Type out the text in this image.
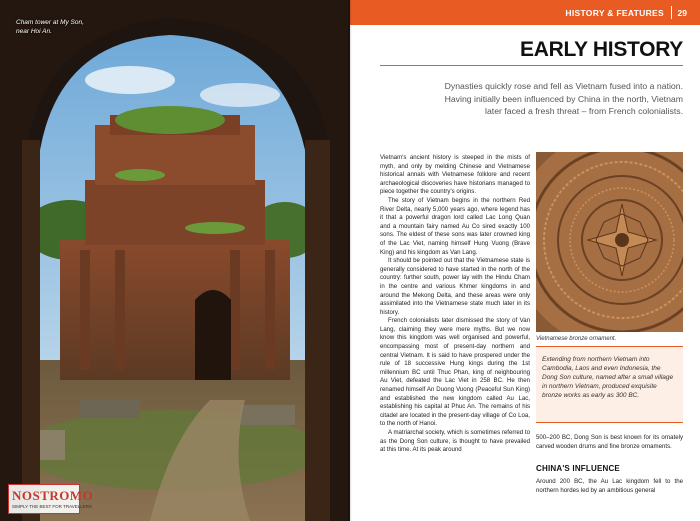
Cham tower at My Son, near Hoi An.
NOSTROMO
SIMPLY THE BEST FOR TRAVELLERS
HISTORY & FEATURES 29
EARLY HISTORY
Dynasties quickly rose and fell as Vietnam fused into a nation. Having initially been influenced by China in the north, Vietnam later faced a fresh threat – from French colonialists.

Vietnam's ancient history is steeped in the mists of myth, and only by melding Chinese and Vietnamese historical annals with Vietnamese folklore and recent archaeological discoveries have historians managed to piece together the country's origins.

The story of Vietnam begins in the northern Red River Delta, nearly 5,000 years ago, where legend has it that a powerful dragon lord called Lac Long Quan and a mountain fairy named Au Co sired exactly 100 sons. The eldest of these sons was later crowned king of the Lac Viet, naming himself Hung Vuong (Brave King) and his kingdom as Van Lang.

It should be pointed out that the Vietnamese state is generally considered to have started in the north of the country: further south, power lay with the Hindu Cham in the centre and various Khmer kingdoms in and around the Mekong Delta, and these areas were only assimilated into the Vietnamese state much later in its history.

French colonialists later dismissed the story of Van Lang, claiming they were mere myths. But we now know this kingdom was well organised and powerful, encompassing most of present-day northern and central Vietnam. It is said to have prospered under the rule of 18 successive Hung kings during the 1st millennium BC until Thuc Phan, king of neighbouring Au Viet, defeated the Lac Viet in 258 BC. He then renamed himself An Duong Vuong (Peaceful Sun King) and established the new kingdom called Au Lac, establishing his capital at Phuc An. The remains of his citadel are located in the present-day village of Co Loa, to the north of Hanoi.

A matriarchal society, which is sometimes referred to as the Dong Son culture, is thought to have prevailed at this time. At its peak around

Vietnamese bronze ornament.
Extending from northern Vietnam into Cambodia, Laos and even Indonesia, the Dong Son culture, named after a small village in northern Vietnam, produced exquisite bronze works as early as 300 BC.
500–200 BC, Dong Son is best known for its ornately carved wooden drums and fine bronze ornaments.
CHINA'S INFLUENCE
Around 200 BC, the Au Lac kingdom fell to the northern hordes led by an ambitious general
